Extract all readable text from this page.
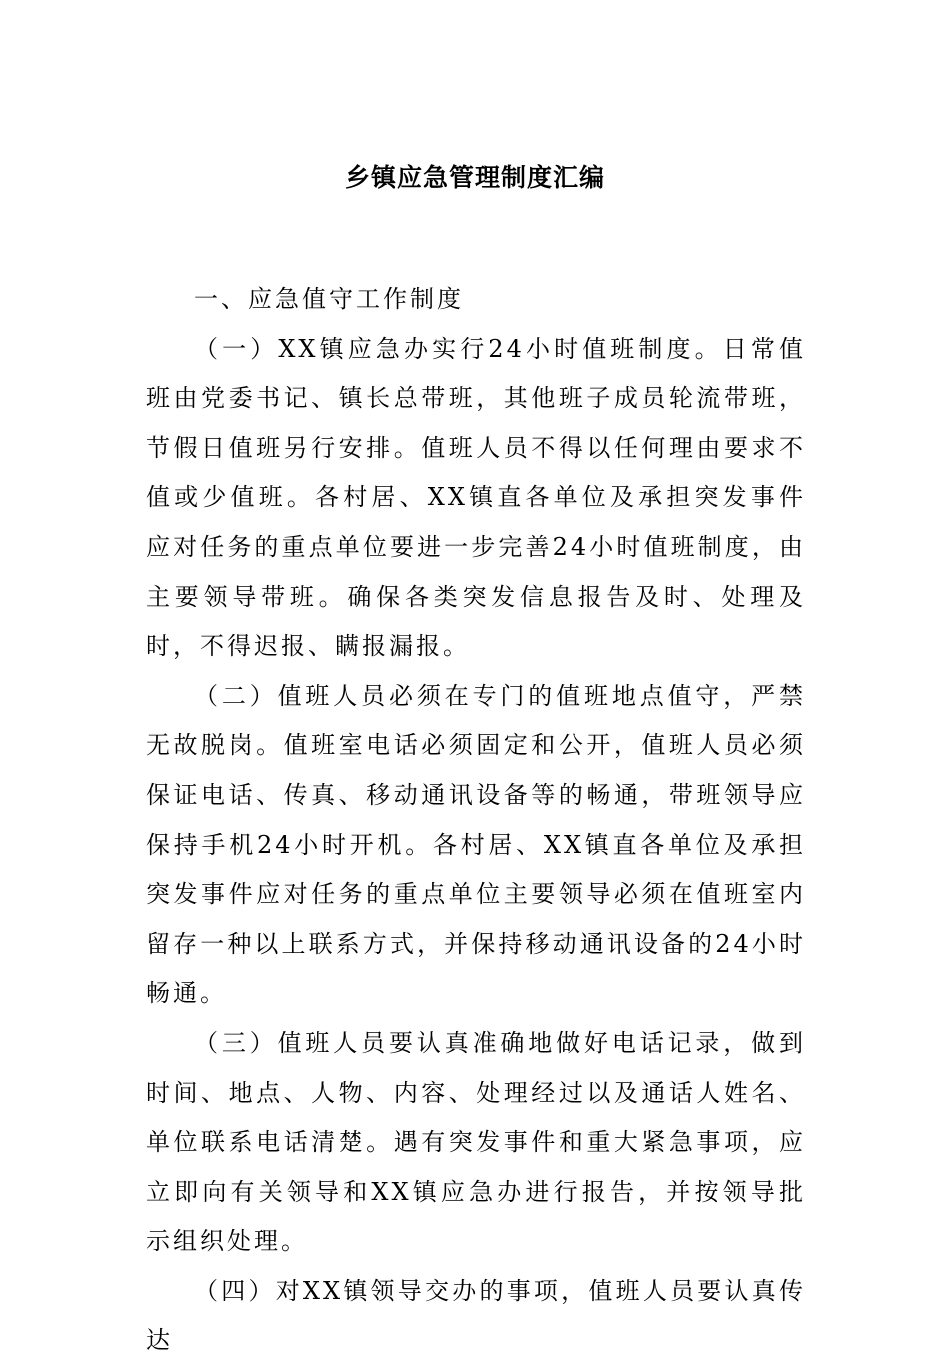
乡镇应急管理制度汇编

一、应急值守工作制度

（一）XX镇应急办实行24小时值班制度。日常值班由党委书记、镇长总带班，其他班子成员轮流带班，节假日值班另行安排。值班人员不得以任何理由要求不值或少值班。各村居、XX镇直各单位及承担突发事件应对任务的重点单位要进一步完善24小时值班制度，由主要领导带班。确保各类突发信息报告及时、处理及时，不得迟报、瞒报漏报。

（二）值班人员必须在专门的值班地点值守，严禁无故脱岗。值班室电话必须固定和公开，值班人员必须保证电话、传真、移动通讯设备等的畅通，带班领导应保持手机24小时开机。各村居、XX镇直各单位及承担突发事件应对任务的重点单位主要领导必须在值班室内留存一种以上联系方式，并保持移动通讯设备的24小时畅通。

（三）值班人员要认真准确地做好电话记录，做到时间、地点、人物、内容、处理经过以及通话人姓名、单位联系电话清楚。遇有突发事件和重大紧急事项，应立即向有关领导和XX镇应急办进行报告，并按领导批示组织处理。

（四）对XX镇领导交办的事项，值班人员要认真传达
